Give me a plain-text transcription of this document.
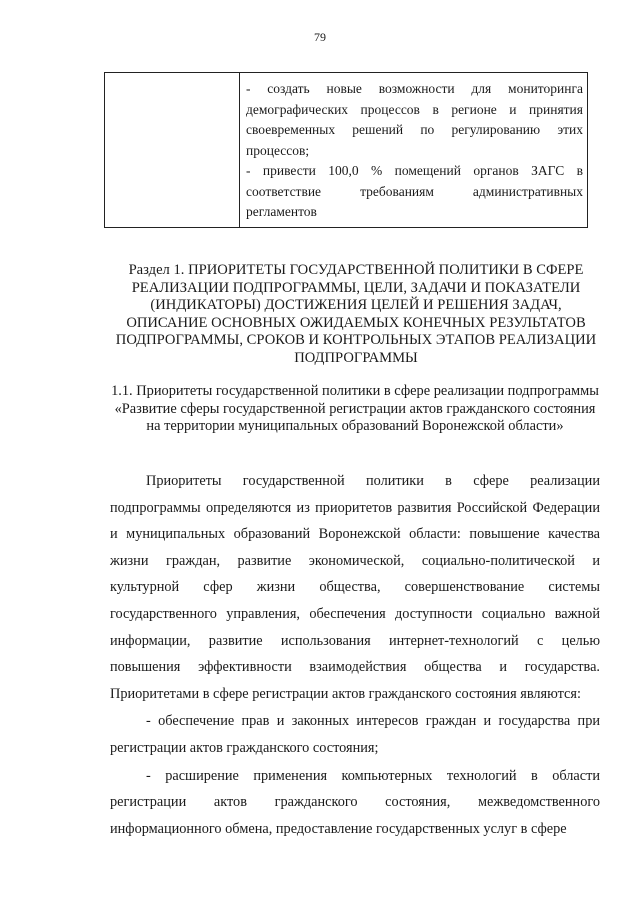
79
- создать новые возможности для мониторинга демографических процессов в регионе и принятия своевременных решений по регулированию этих процессов;
- привести 100,0 % помещений органов ЗАГС в соответствие требованиям административных регламентов
Раздел 1. ПРИОРИТЕТЫ ГОСУДАРСТВЕННОЙ ПОЛИТИКИ В СФЕРЕ РЕАЛИЗАЦИИ ПОДПРОГРАММЫ, ЦЕЛИ, ЗАДАЧИ И ПОКАЗАТЕЛИ (ИНДИКАТОРЫ) ДОСТИЖЕНИЯ ЦЕЛЕЙ И РЕШЕНИЯ ЗАДАЧ, ОПИСАНИЕ ОСНОВНЫХ ОЖИДАЕМЫХ КОНЕЧНЫХ РЕЗУЛЬТАТОВ ПОДПРОГРАММЫ, СРОКОВ И КОНТРОЛЬНЫХ ЭТАПОВ РЕАЛИЗАЦИИ ПОДПРОГРАММЫ
1.1. Приоритеты государственной политики в сфере реализации подпрограммы «Развитие сферы государственной регистрации актов гражданского состояния на территории муниципальных образований Воронежской области»

Приоритеты государственной политики в сфере реализации подпрограммы определяются из приоритетов развития Российской Федерации и муниципальных образований Воронежской области: повышение качества жизни граждан, развитие экономической, социально-политической и культурной сфер жизни общества, совершенствование системы государственного управления, обеспечения доступности социально важной информации, развитие использования интернет-технологий с целью повышения эффективности взаимодействия общества и государства. Приоритетами в сфере регистрации актов гражданского состояния являются:

- обеспечение прав и законных интересов граждан и государства при регистрации актов гражданского состояния;

- расширение применения компьютерных технологий в области регистрации актов гражданского состояния, межведомственного информационного обмена, предоставление государственных услуг в сфере
